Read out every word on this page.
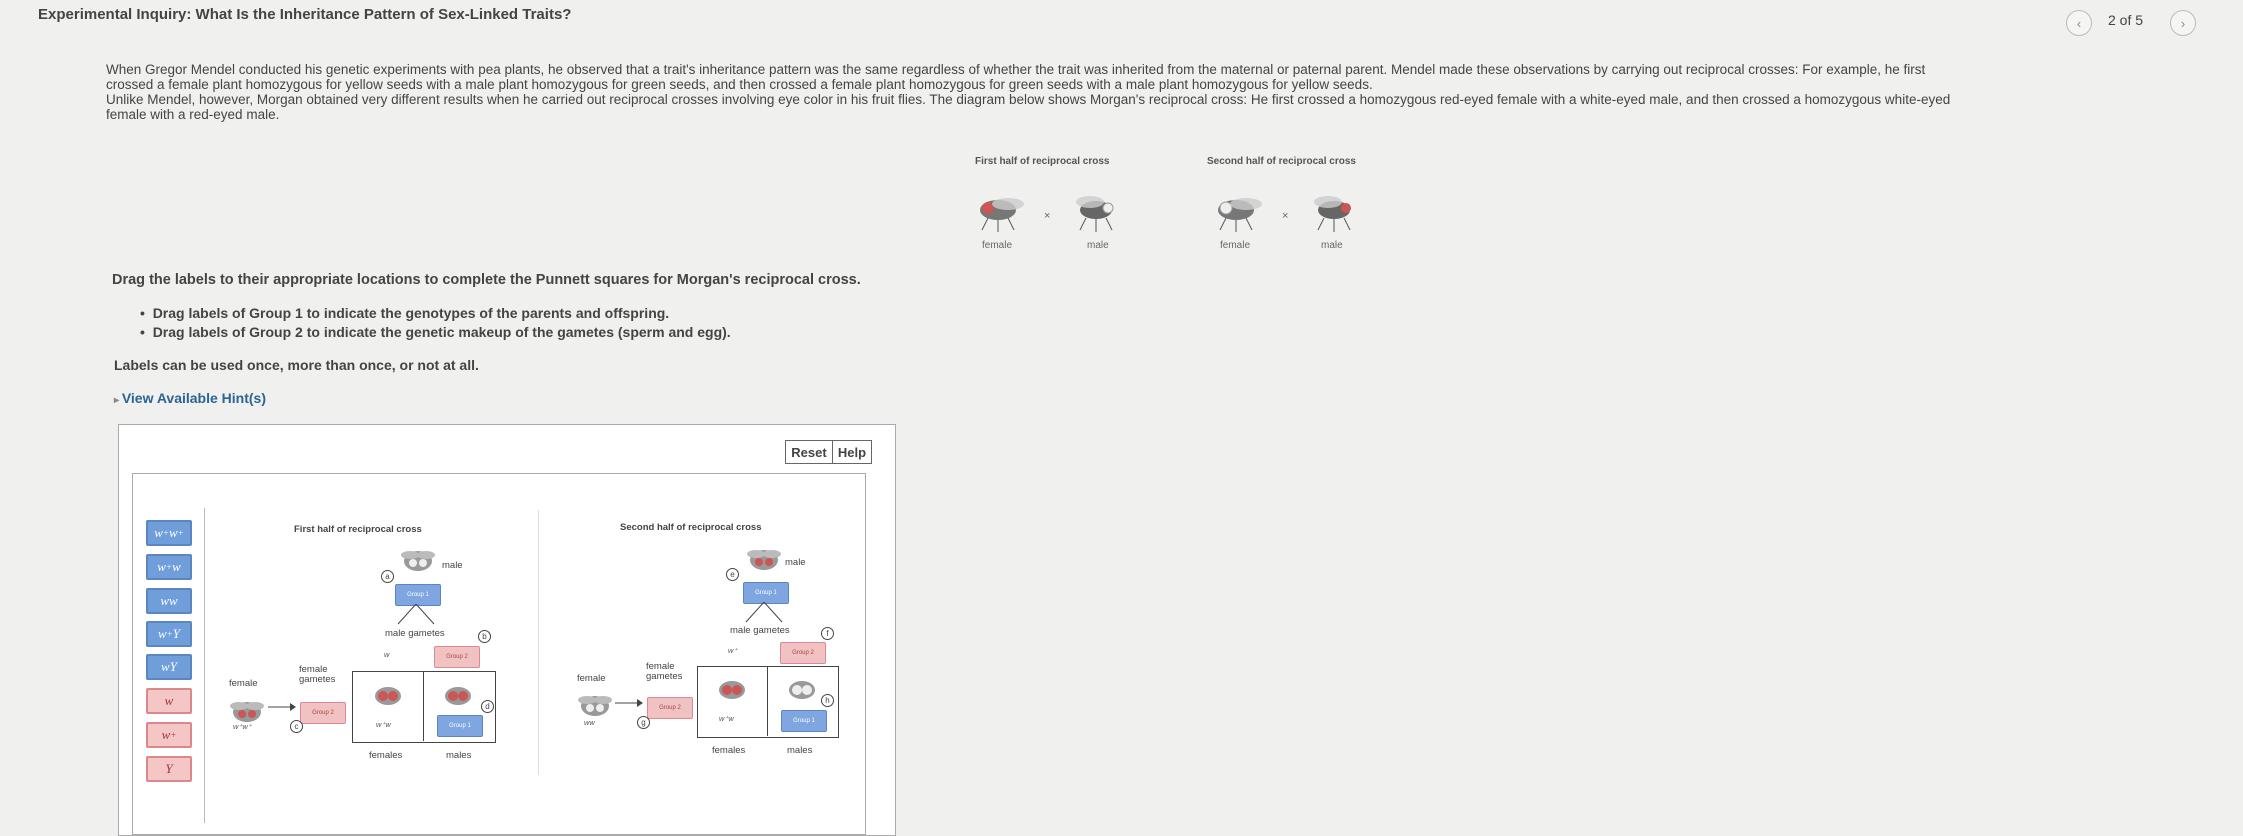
Experimental Inquiry: What Is the Inheritance Pattern of Sex-Linked Traits?	‹ 2 of 5	›
When Gregor Mendel conducted his genetic experiments with pea plants, he observed that a trait's inheritance pattern was the same regardless of whether the trait was inherited from the maternal or paternal parent. Mendel made these observations by carrying out reciprocal crosses: For example, he first
crossed a female plant homozygous for yellow seeds with a male plant homozygous for green seeds, and then crossed a female plant homozygous for green seeds with a male plant homozygous for yellow seeds.
Unlike Mendel, however, Morgan obtained very different results when he carried out reciprocal crosses involving eye color in his fruit flies. The diagram below shows Morgan's reciprocal cross: He first crossed a homozygous red-eyed female with a white-eyed male, and then crossed a homozygous white-eyed
female with a red-eyed male.
First half of reciprocal cross	Second half of reciprocal cross
×
female	male
×
female	male
Drag the labels to their appropriate locations to complete the Punnett squares for Morgan's reciprocal cross.
•  Drag labels of Group 1 to indicate the genotypes of the parents and offspring.
•  Drag labels of Group 2 to indicate the genetic makeup of the gametes (sperm and egg).
Labels can be used once, more than once, or not at all.
▸ View Available Hint(s)
Reset Help
w + w +
w + w
ww
w + Y
wY
w
w +
Y
First half of reciprocal cross
male
a
Group 1
male gametes	b
w	Group 2
female
female gametes
Group 2
c
w⁺w⁺
d
w⁺w	Group 1
females	males
Second half of reciprocal cross
male
e
Group 1
male gametes	f
w⁺	Group 2
female
female gametes
Group 2
g
ww
h
w⁺w	Group 1
females	males
